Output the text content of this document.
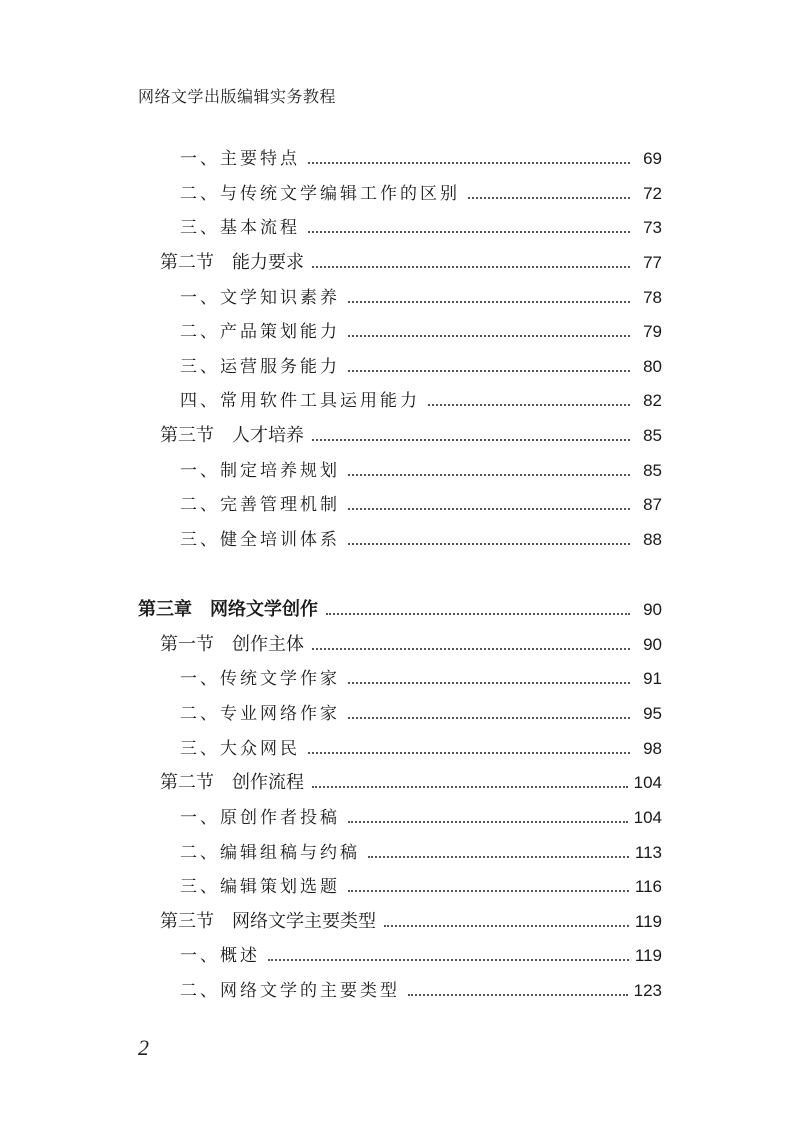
网络文学出版编辑实务教程
一、主要特点	69
二、与传统文学编辑工作的区别	72
三、基本流程	73
第二节　能力要求	77
一、文学知识素养	78
二、产品策划能力	79
三、运营服务能力	80
四、常用软件工具运用能力	82
第三节　人才培养	85
一、制定培养规划	85
二、完善管理机制	87
三、健全培训体系	88
第三章　网络文学创作	90
第一节　创作主体	90
一、传统文学作家	91
二、专业网络作家	95
三、大众网民	98
第二节　创作流程	104
一、原创作者投稿	104
二、编辑组稿与约稿	113
三、编辑策划选题	116
第三节　网络文学主要类型	119
一、概述	119
二、网络文学的主要类型	123
2
